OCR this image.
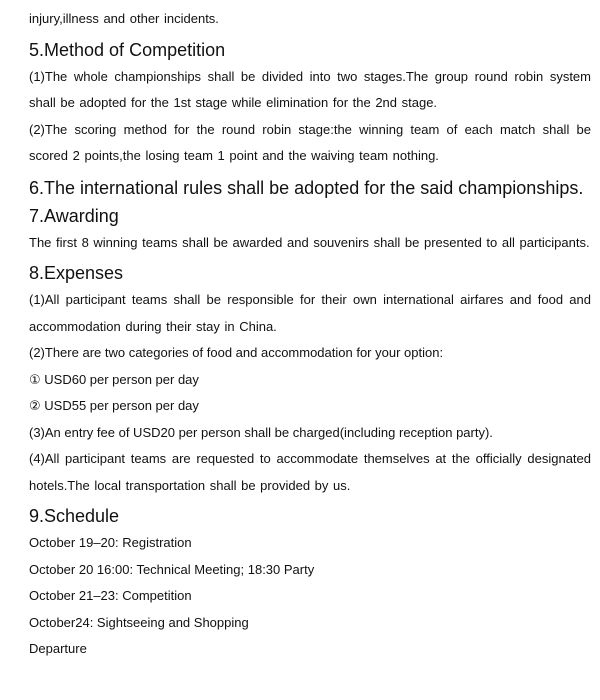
injury,illness and other incidents.

5.Method of Competition

(1)The whole championships shall be divided into two stages.The group round robin system shall be adopted for the 1st stage while elimination for the 2nd stage.

(2)The scoring method for the round robin stage:the winning team of each match shall be scored 2 points,the losing team 1 point and the waiving team nothing.

6.The international rules shall be adopted for the said championships.
7.Awarding

The first 8 winning teams shall be awarded and souvenirs shall be presented to all participants.

8.Expenses

(1)All participant teams shall be responsible for their own international airfares and food and accommodation during their stay in China.

(2)There are two categories of food and accommodation for your option:

① USD60 per person per day

② USD55 per person per day

(3)An entry fee of USD20 per person shall be charged(including reception party).

(4)All participant teams are requested to accommodate themselves at the officially designated hotels.The local transportation shall be provided by us.

9.Schedule

October 19–20: Registration

October 20 16:00: Technical Meeting; 18:30 Party

October 21–23: Competition

October24: Sightseeing and Shopping

Departure
